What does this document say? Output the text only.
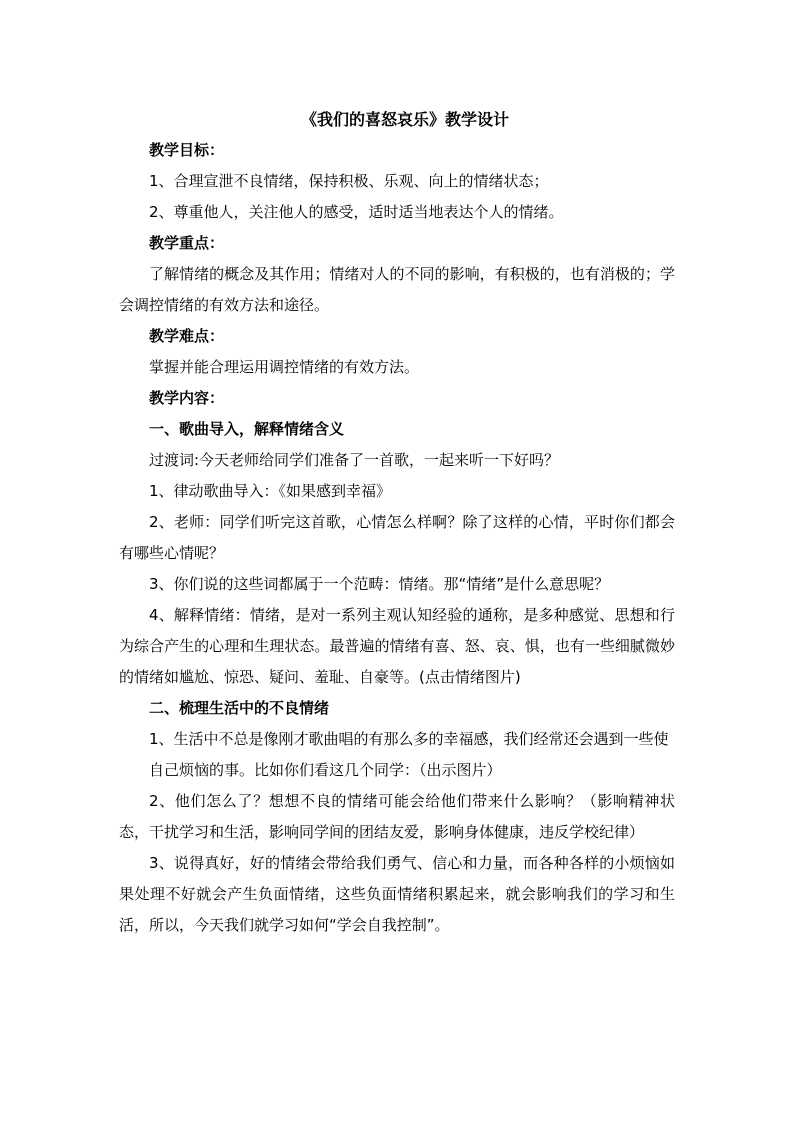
《我们的喜怒哀乐》教学设计

教学目标：

1、合理宣泄不良情绪，保持积极、乐观、向上的情绪状态；

2、尊重他人，关注他人的感受，适时适当地表达个人的情绪。

教学重点：

了解情绪的概念及其作用；情绪对人的不同的影响，有积极的，也有消极的；学会调控情绪的有效方法和途径。

教学难点：

掌握并能合理运用调控情绪的有效方法。

教学内容：

一、歌曲导入，解释情绪含义

过渡词:今天老师给同学们准备了一首歌，一起来听一下好吗？

1、律动歌曲导入：《如果感到幸福》

2、老师：同学们听完这首歌，心情怎么样啊？除了这样的心情，平时你们都会有哪些心情呢？

3、你们说的这些词都属于一个范畴：情绪。那“情绪”是什么意思呢？

4、解释情绪：情绪，是对一系列主观认知经验的通称，是多种感觉、思想和行为综合产生的心理和生理状态。最普遍的情绪有喜、怒、哀、惧，也有一些细腻微妙的情绪如尴尬、惊恐、疑问、羞耻、自豪等。(点击情绪图片)

二、梳理生活中的不良情绪

1、生活中不总是像刚才歌曲唱的有那么多的幸福感，我们经常还会遇到一些使

自己烦恼的事。比如你们看这几个同学：（出示图片）

2、他们怎么了？想想不良的情绪可能会给他们带来什么影响？（影响精神状态，干扰学习和生活，影响同学间的团结友爱，影响身体健康，违反学校纪律）

3、说得真好，好的情绪会带给我们勇气、信心和力量，而各种各样的小烦恼如果处理不好就会产生负面情绪，这些负面情绪积累起来，就会影响我们的学习和生活，所以，今天我们就学习如何“学会自我控制”。
